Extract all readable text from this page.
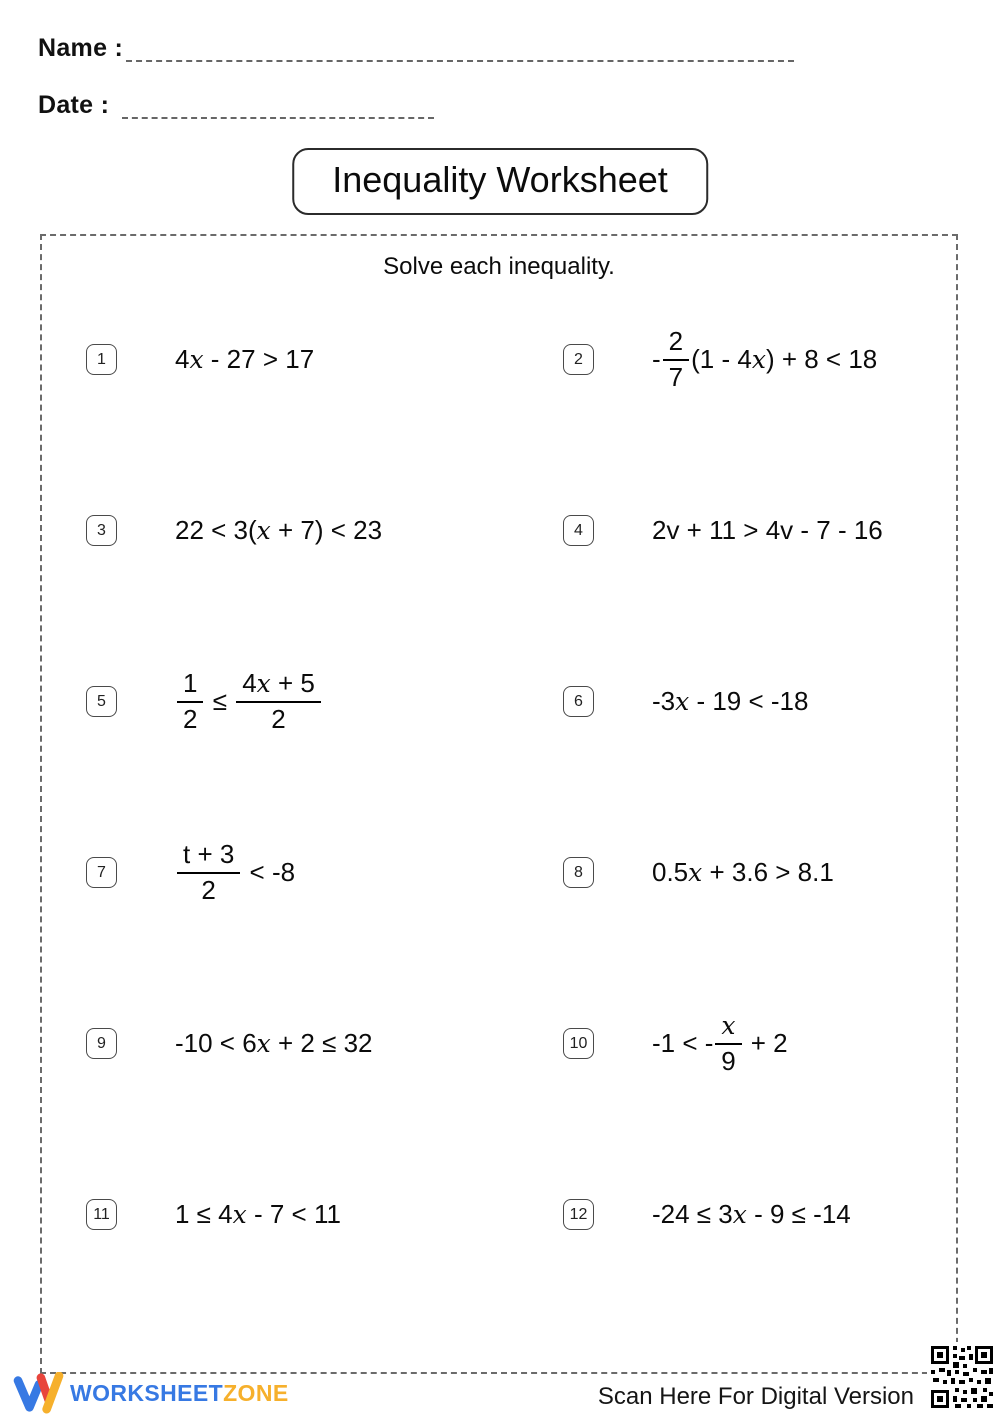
Name :
Date :
Inequality Worksheet
Solve each inequality.
1	4 x - 27 > 17	2	- $\frac{2}{7} (1 - 4$ x ) + 8 < 18
3	22 < 3( x + 7) < 23	4	2v + 11 > 4v - 7 - 16
5	$\frac{1}{2} \le \frac{4x + 5}{2}$	6	-3 x - 19 < -18
7	$\frac{t + 3}{2} < -8$	8	0.5 x + 3.6 > 8.1
9	-10 < 6 x + 2 ≤ 32	10 -1 < - $\frac{x}{9} + 2$
11	1 ≤ 4 x - 7 < 11	12 -24 ≤ 3 x - 9 ≤ -14
WORKSHEETZONE	Scan Here For Digital Version
